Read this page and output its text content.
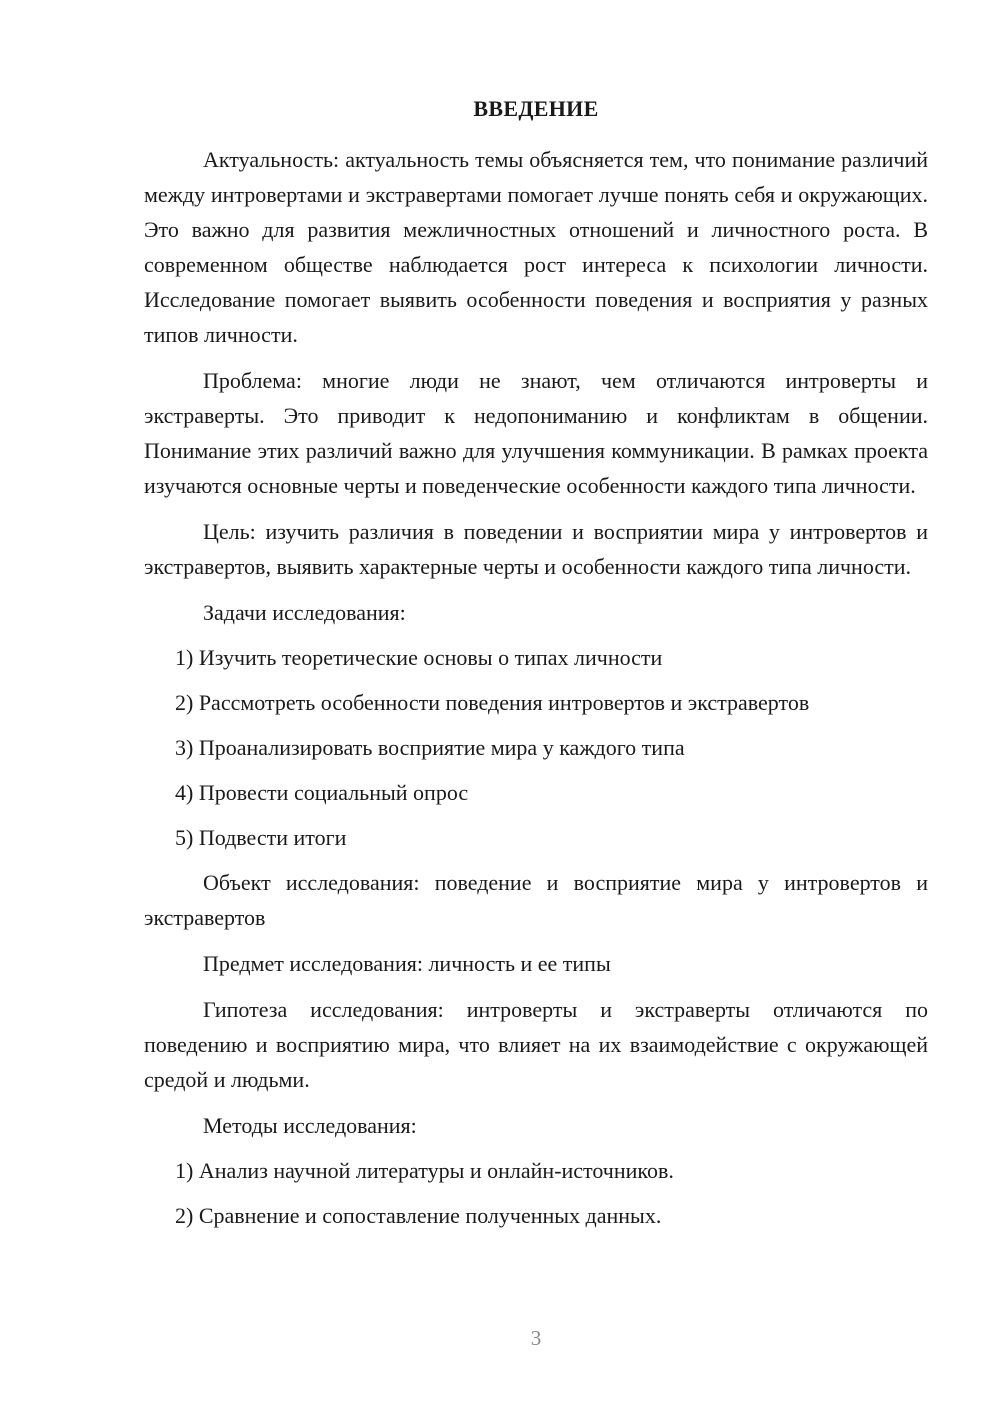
ВВЕДЕНИЕ

Актуальность: актуальность темы объясняется тем, что понимание различий между интровертами и экстравертами помогает лучше понять себя и окружающих. Это важно для развития межличностных отношений и личностного роста. В современном обществе наблюдается рост интереса к психологии личности. Исследование помогает выявить особенности поведения и восприятия у разных типов личности.

Проблема: многие люди не знают, чем отличаются интроверты и экстраверты. Это приводит к недопониманию и конфликтам в общении. Понимание этих различий важно для улучшения коммуникации. В рамках проекта изучаются основные черты и поведенческие особенности каждого типа личности.

Цель: изучить различия в поведении и восприятии мира у интровертов и экстравертов, выявить характерные черты и особенности каждого типа личности.

Задачи исследования:

1) Изучить теоретические основы о типах личности

2) Рассмотреть особенности поведения интровертов и экстравертов

3) Проанализировать восприятие мира у каждого типа

4) Провести социальный опрос

5) Подвести итоги

Объект исследования: поведение и восприятие мира у интровертов и экстравертов

Предмет исследования: личность и ее типы

Гипотеза исследования: интроверты и экстраверты отличаются по поведению и восприятию мира, что влияет на их взаимодействие с окружающей средой и людьми.

Методы исследования:

1) Анализ научной литературы и онлайн-источников.

2) Сравнение и сопоставление полученных данных.

3
